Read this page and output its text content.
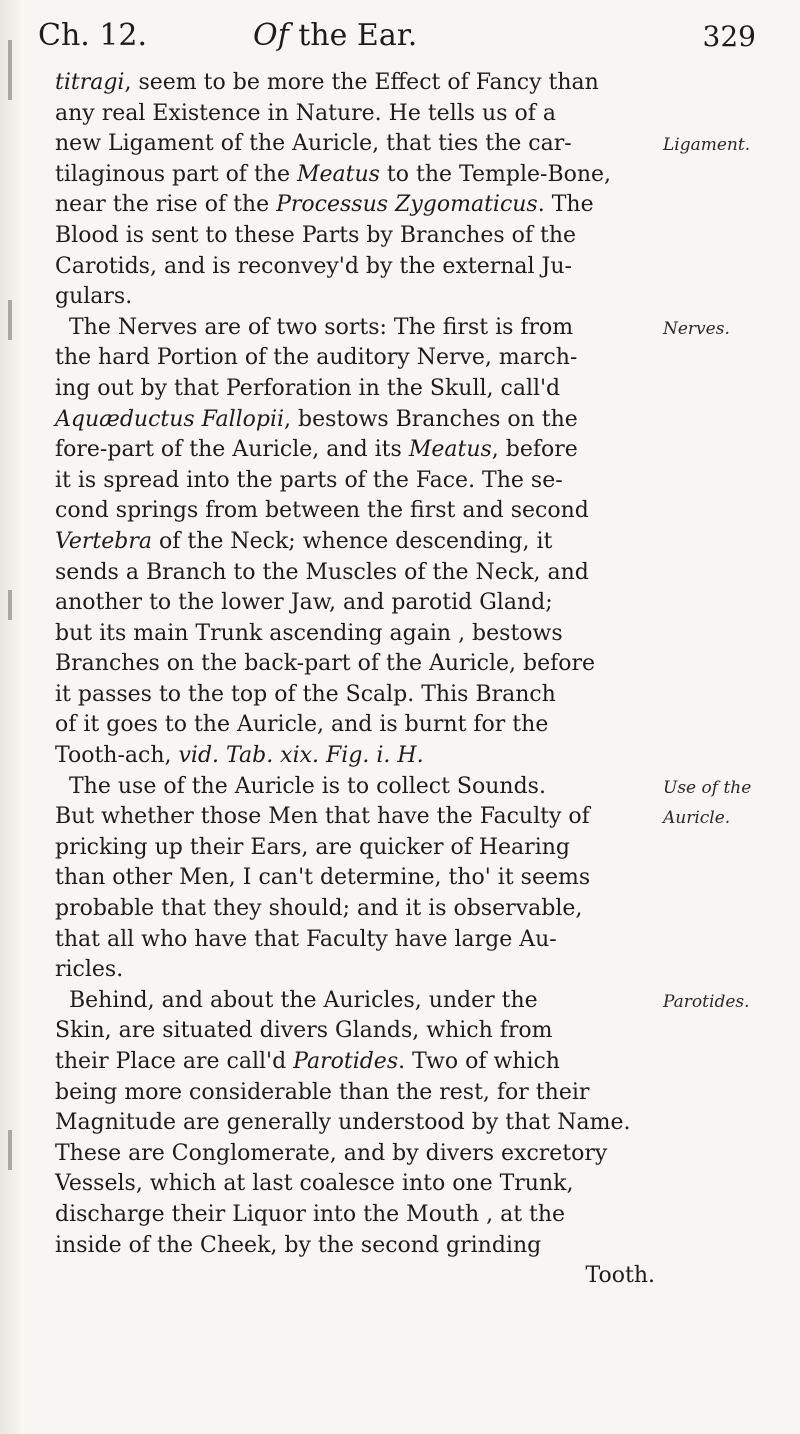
Ch. 12.	Of the Ear.	329
titragi, seem to be more the Effect of Fancy than
any real Existence in Nature. He tells us of a
new Ligament of the Auricle, that ties the car-
tilaginous part of the Meatus to the Temple-Bone,
near the rise of the Processus Zygomaticus. The
Blood is sent to these Parts by Branches of the
Carotids, and is reconvey'd by the external Ju-
gulars.
The Nerves are of two sorts: The first is from
the hard Portion of the auditory Nerve, march-
ing out by that Perforation in the Skull, call'd
Aquæductus Fallopii, bestows Branches on the
fore-part of the Auricle, and its Meatus, before
it is spread into the parts of the Face. The se-
cond springs from between the first and second
Vertebra of the Neck; whence descending, it
sends a Branch to the Muscles of the Neck, and
another to the lower Jaw, and parotid Gland;
but its main Trunk ascending again , bestows
Branches on the back-part of the Auricle, before
it passes to the top of the Scalp. This Branch
of it goes to the Auricle, and is burnt for the
Tooth-ach, vid. Tab. xix. Fig. i. H.
The use of the Auricle is to collect Sounds.
But whether those Men that have the Faculty of
pricking up their Ears, are quicker of Hearing
than other Men, I can't determine, tho' it seems
probable that they should; and it is observable,
that all who have that Faculty have large Au-
ricles.
Behind, and about the Auricles, under the
Skin, are situated divers Glands, which from
their Place are call'd Parotides. Two of which
being more considerable than the rest, for their
Magnitude are generally understood by that Name.
These are Conglomerate, and by divers excretory
Vessels, which at last coalesce into one Trunk,
discharge their Liquor into the Mouth , at the
inside of the Cheek, by the second grinding
Tooth.
Ligament.
Nerves.
Use of the
Auricle.
Parotides.
